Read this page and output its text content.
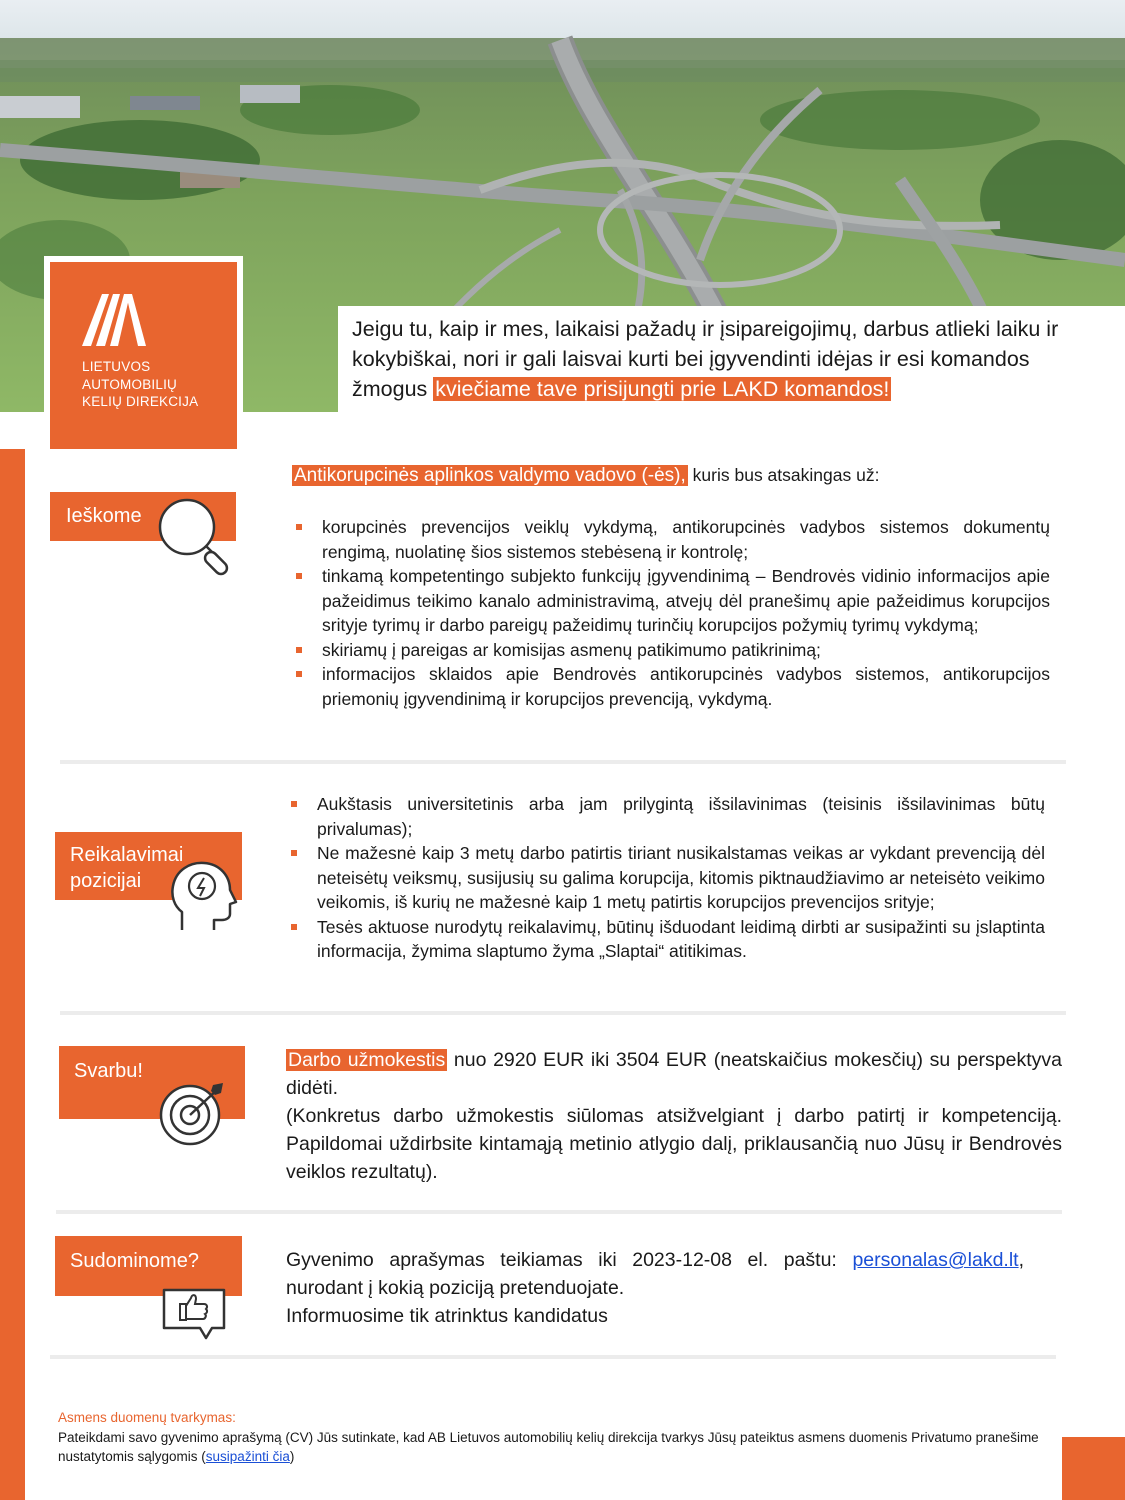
Jeigu tu, kaip ir mes, laikaisi pažadų ir įsipareigojimų, darbus atlieki laiku ir kokybiškai, nori ir gali laisvai kurti bei įgyvendinti idėjas ir esi komandos žmogus kviečiame tave prisijungti prie LAKD komandos!
LIETUVOS
AUTOMOBILIŲ
KELIŲ DIREKCIJA
Ieškome
Antikorupcinės aplinkos valdymo vadovo (-ės), kuris bus atsakingas už:
korupcinės prevencijos veiklų vykdymą, antikorupcinės vadybos sistemos dokumentų rengimą, nuolatinę šios sistemos stebėseną ir kontrolę;
tinkamą kompetentingo subjekto funkcijų įgyvendinimą – Bendrovės vidinio informacijos apie pažeidimus teikimo kanalo administravimą, atvejų dėl pranešimų apie pažeidimus korupcijos srityje tyrimų ir darbo pareigų pažeidimų turinčių korupcijos požymių tyrimų vykdymą;
skiriamų į pareigas ar komisijas asmenų patikimumo patikrinimą;
informacijos sklaidos apie Bendrovės antikorupcinės vadybos sistemos, antikorupcijos priemonių įgyvendinimą ir korupcijos prevenciją, vykdymą.
Reikalavimai
pozicijai
Aukštasis universitetinis arba jam prilygintą išsilavinimas (teisinis išsilavinimas būtų privalumas);
Ne mažesnė kaip 3 metų darbo patirtis tiriant nusikalstamas veikas ar vykdant prevenciją dėl neteisėtų veiksmų, susijusių su galima korupcija, kitomis piktnaudžiavimo ar neteisėto veikimo veikomis, iš kurių ne mažesnė kaip 1 metų patirtis korupcijos prevencijos srityje;
Tesės aktuose nurodytų reikalavimų, būtinų išduodant leidimą dirbti ar susipažinti su įslaptinta informacija, žymima slaptumo žyma „Slaptai“ atitikimas.
Svarbu!	Darbo užmokestis nuo 2920 EUR iki 3504 EUR (neatskaičius mokesčių) su perspektyva didėti.
(Konkretus darbo užmokestis siūlomas atsižvelgiant į darbo patirtį ir kompetenciją. Papildomai uždirbsite kintamąją metinio atlygio dalį, priklausančią nuo Jūsų ir Bendrovės veiklos rezultatų).
Sudominome?	Gyvenimo aprašymas teikiamas iki 2023-12-08 el. paštu: personalas@lakd.lt, nurodant į kokią poziciją pretenduojate.
Informuosime tik atrinktus kandidatus
Asmens duomenų tvarkymas:
Pateikdami savo gyvenimo aprašymą (CV) Jūs sutinkate, kad AB Lietuvos automobilių kelių direkcija tvarkys Jūsų pateiktus asmens duomenis Privatumo pranešime nustatytomis sąlygomis (susipažinti čia)
